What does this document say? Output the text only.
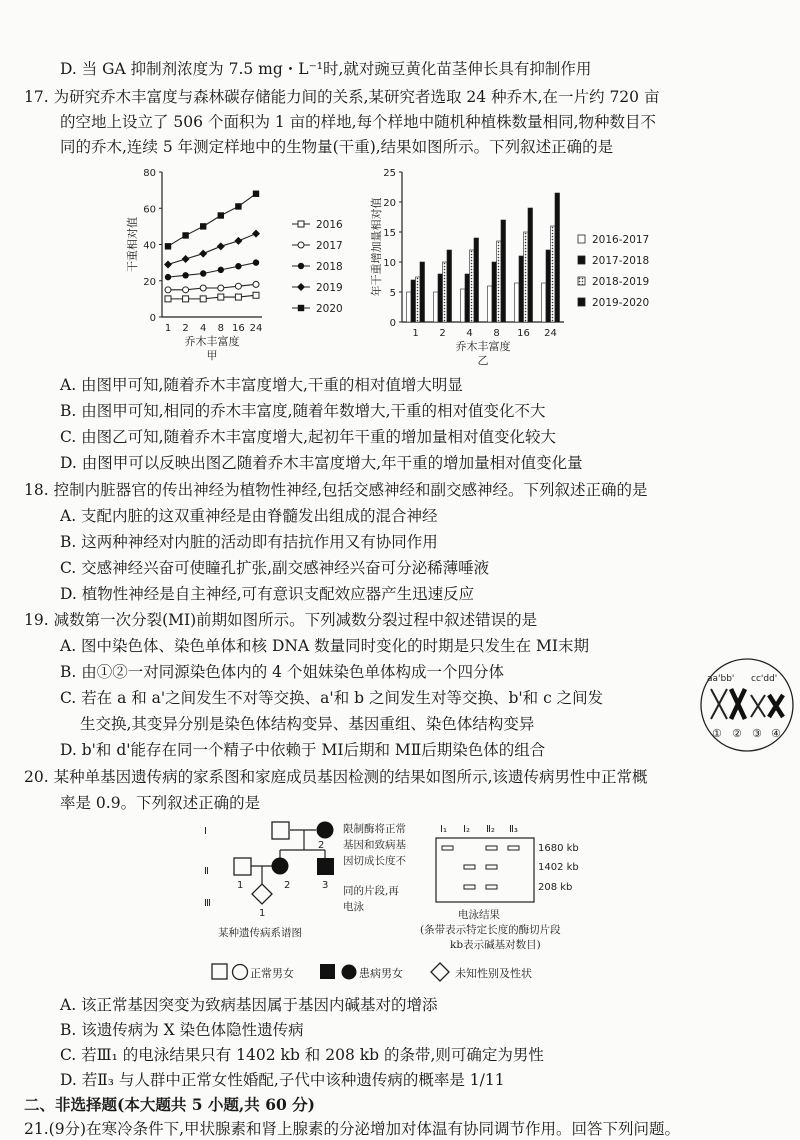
D. 当 GA 抑制剂浓度为 7.5 mg・L⁻¹时,就对豌豆黄化苗茎伸长具有抑制作用
17. 为研究乔木丰富度与森林碳存储能力间的关系,某研究者选取 24 种乔木,在一片约 720 亩
的空地上设立了 506 个面积为 1 亩的样地,每个样地中随机种植株数量相同,物种数目不
同的乔木,连续 5 年测定样地中的生物量(干重),结果如图所示。下列叙述正确的是
0
20
40
60
80
1 2 4 8 16 24
乔木丰富度
甲
干重相对值	2016
2017
2018
2019
2020
0
5
10
15
20
25
1 2 4 8 16 24
乔木丰富度
乙
年干重增加量相对值	2016-2017
2017-2018
2018-2019
2019-2020
A. 由图甲可知,随着乔木丰富度增大,干重的相对值增大明显
B. 由图甲可知,相同的乔木丰富度,随着年数增大,干重的相对值变化不大
C. 由图乙可知,随着乔木丰富度增大,起初年干重的增加量相对值变化较大
D. 由图甲可以反映出图乙随着乔木丰富度增大,年干重的增加量相对值变化量
18. 控制内脏器官的传出神经为植物性神经,包括交感神经和副交感神经。下列叙述正确的是
A. 支配内脏的这双重神经是由脊髓发出组成的混合神经
B. 这两种神经对内脏的活动即有拮抗作用又有协同作用
C. 交感神经兴奋可使瞳孔扩张,副交感神经兴奋可分泌稀薄唾液
D. 植物性神经是自主神经,可有意识支配效应器产生迅速反应
19. 减数第一次分裂(MⅠ)前期如图所示。下列减数分裂过程中叙述错误的是
A. 图中染色体、染色单体和核 DNA 数量同时变化的时期是只发生在 MⅠ末期
B. 由①②一对同源染色体内的 4 个姐妹染色单体构成一个四分体
C. 若在 a 和 a'之间发生不对等交换、a'和 b 之间发生对等交换、b'和 c 之间发
生交换,其变异分别是染色体结构变异、基因重组、染色体结构变异
D. b'和 d'能存在同一个精子中依赖于 MⅠ后期和 MⅡ后期染色体的组合
aa'bb' cc'dd'
① ② ③ ④
20. 某种单基因遗传病的家系图和家庭成员基因检测的结果如图所示,该遗传病男性中正常概
率是 0.9。下列叙述正确的是
Ⅰ
Ⅱ
Ⅲ
2
1	2	3
1
某种遗传病系谱图
限制酶将正常
基因和致病基
因切成长度不
同的片段,再
电泳
Ⅰ₁ Ⅰ₂ Ⅱ₂ Ⅱ₃
1680 kb
1402 kb
208 kb
电泳结果
(条带表示特定长度的酶切片段
kb表示碱基对数目)
正常男女	患病男女	未知性别及性状
A. 该正常基因突变为致病基因属于基因内碱基对的增添
B. 该遗传病为 X 染色体隐性遗传病
C. 若Ⅲ₁ 的电泳结果只有 1402 kb 和 208 kb 的条带,则可确定为男性
D. 若Ⅱ₃ 与人群中正常女性婚配,子代中该种遗传病的概率是 1/11
二、非选择题(本大题共 5 小题,共 60 分)
21.(9分)在寒冷条件下,甲状腺素和肾上腺素的分泌增加对体温有协同调节作用。回答下列问题。
